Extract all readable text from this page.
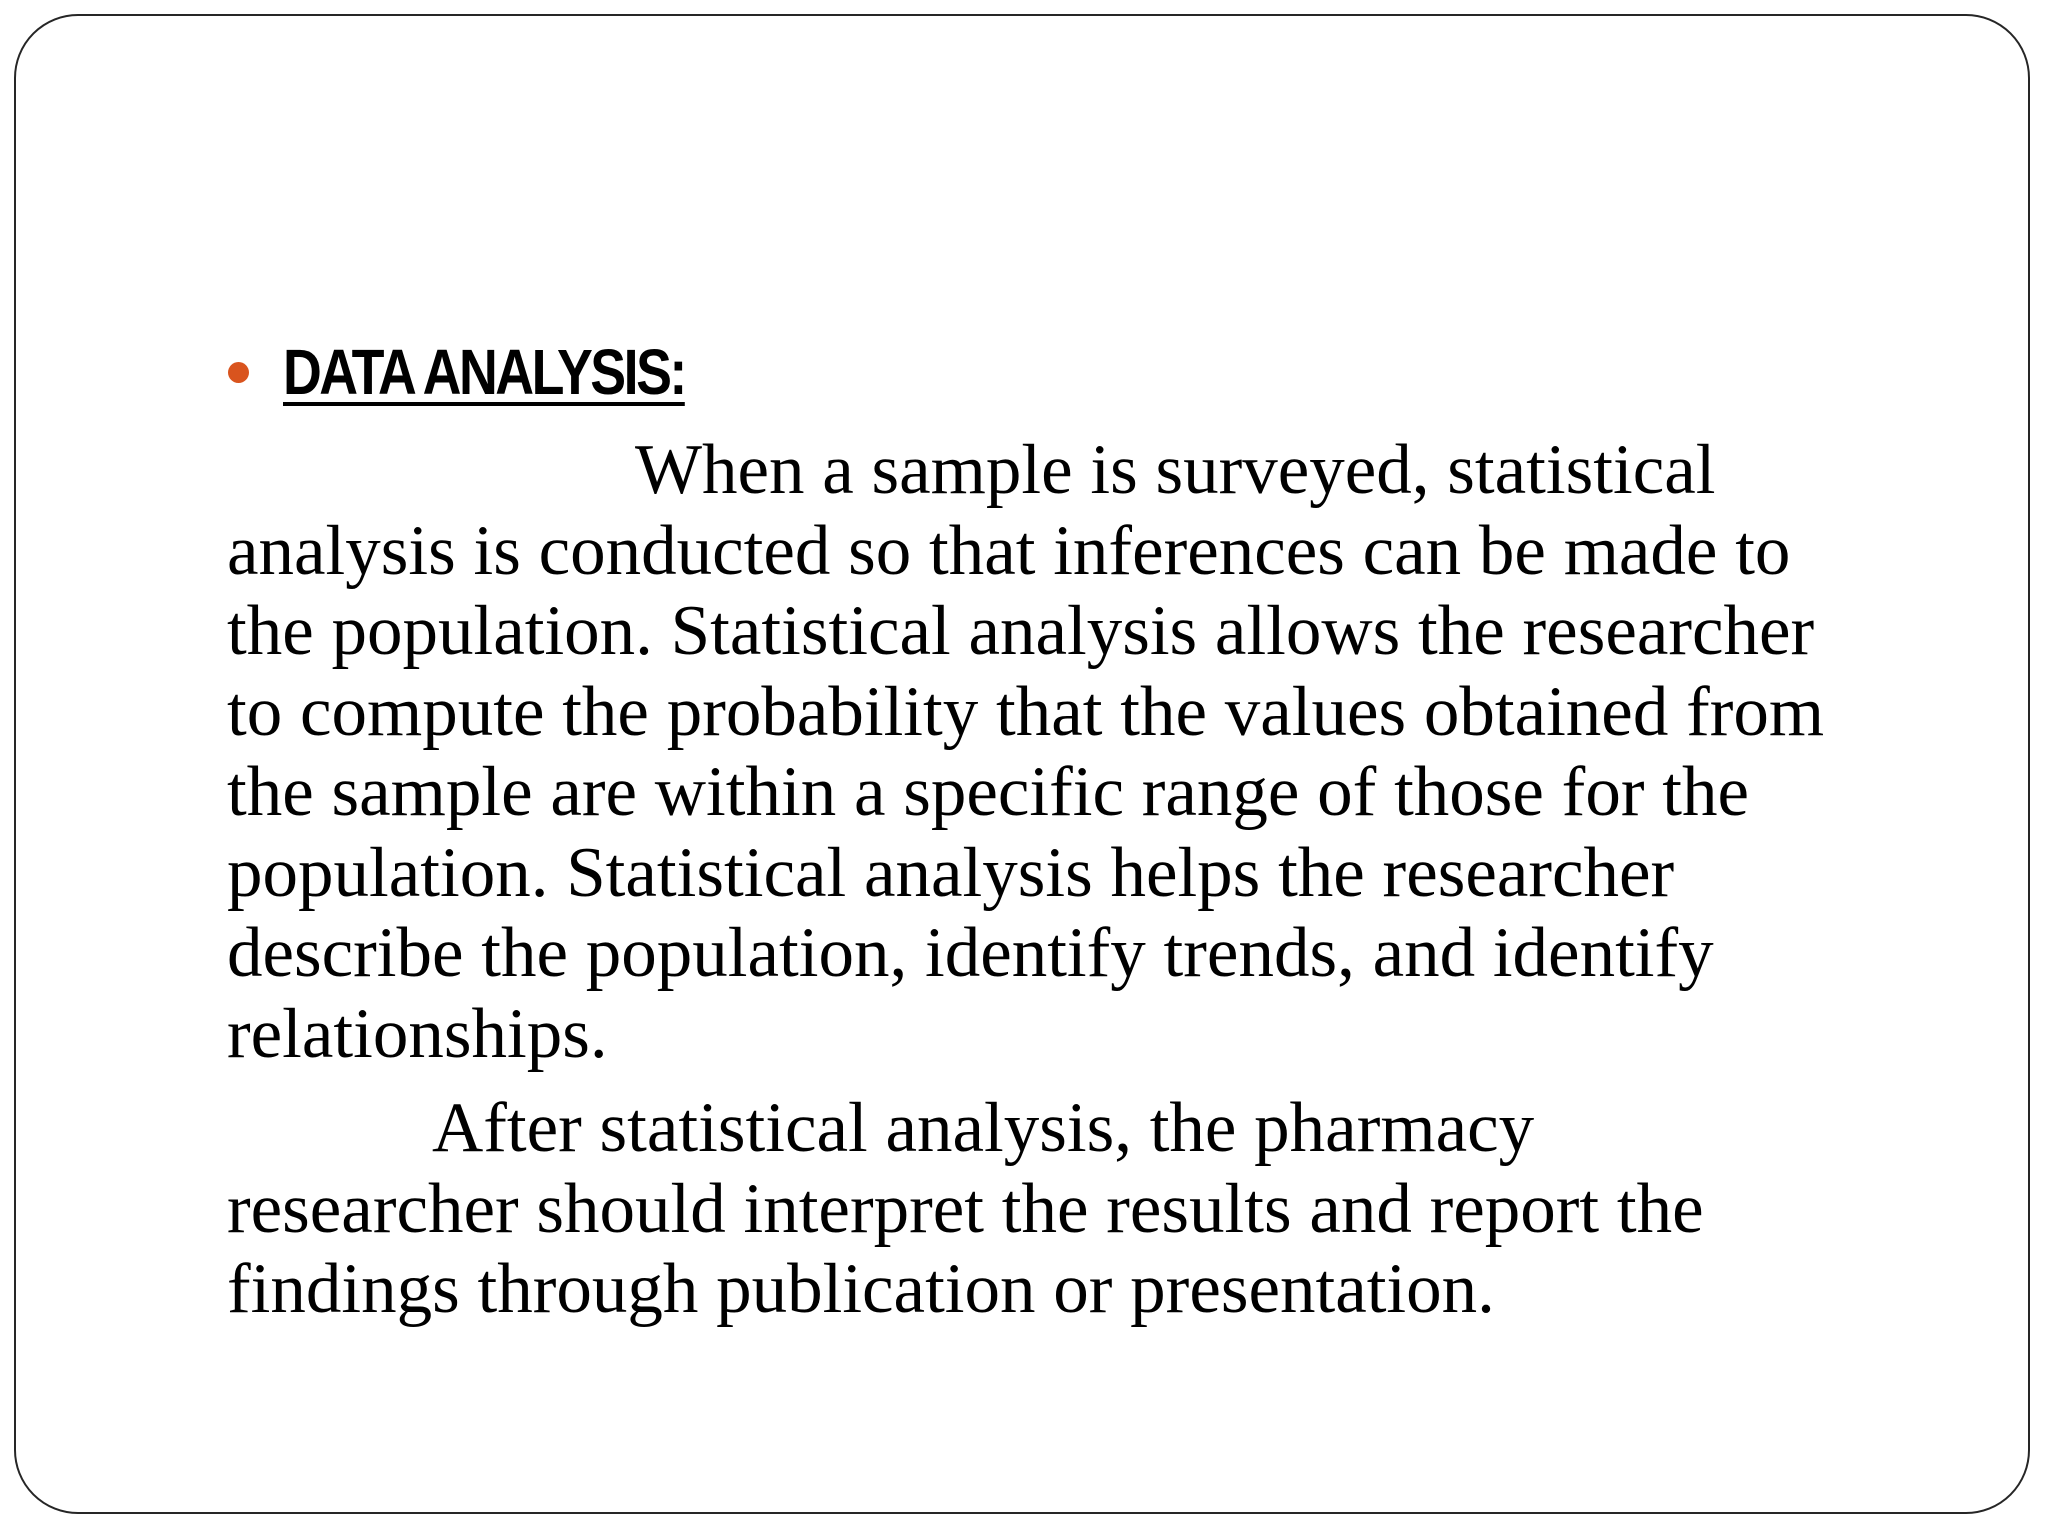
DATA ANALYSIS:
When a sample is surveyed, statistical
analysis is conducted so that inferences can be made to
the population. Statistical analysis allows the researcher
to compute the probability that the values obtained from
the sample are within a specific range of those for the
population. Statistical analysis helps the researcher
describe the population, identify trends, and identify
relationships.
After statistical analysis, the pharmacy
researcher should interpret the results and report the
findings through publication or presentation.
